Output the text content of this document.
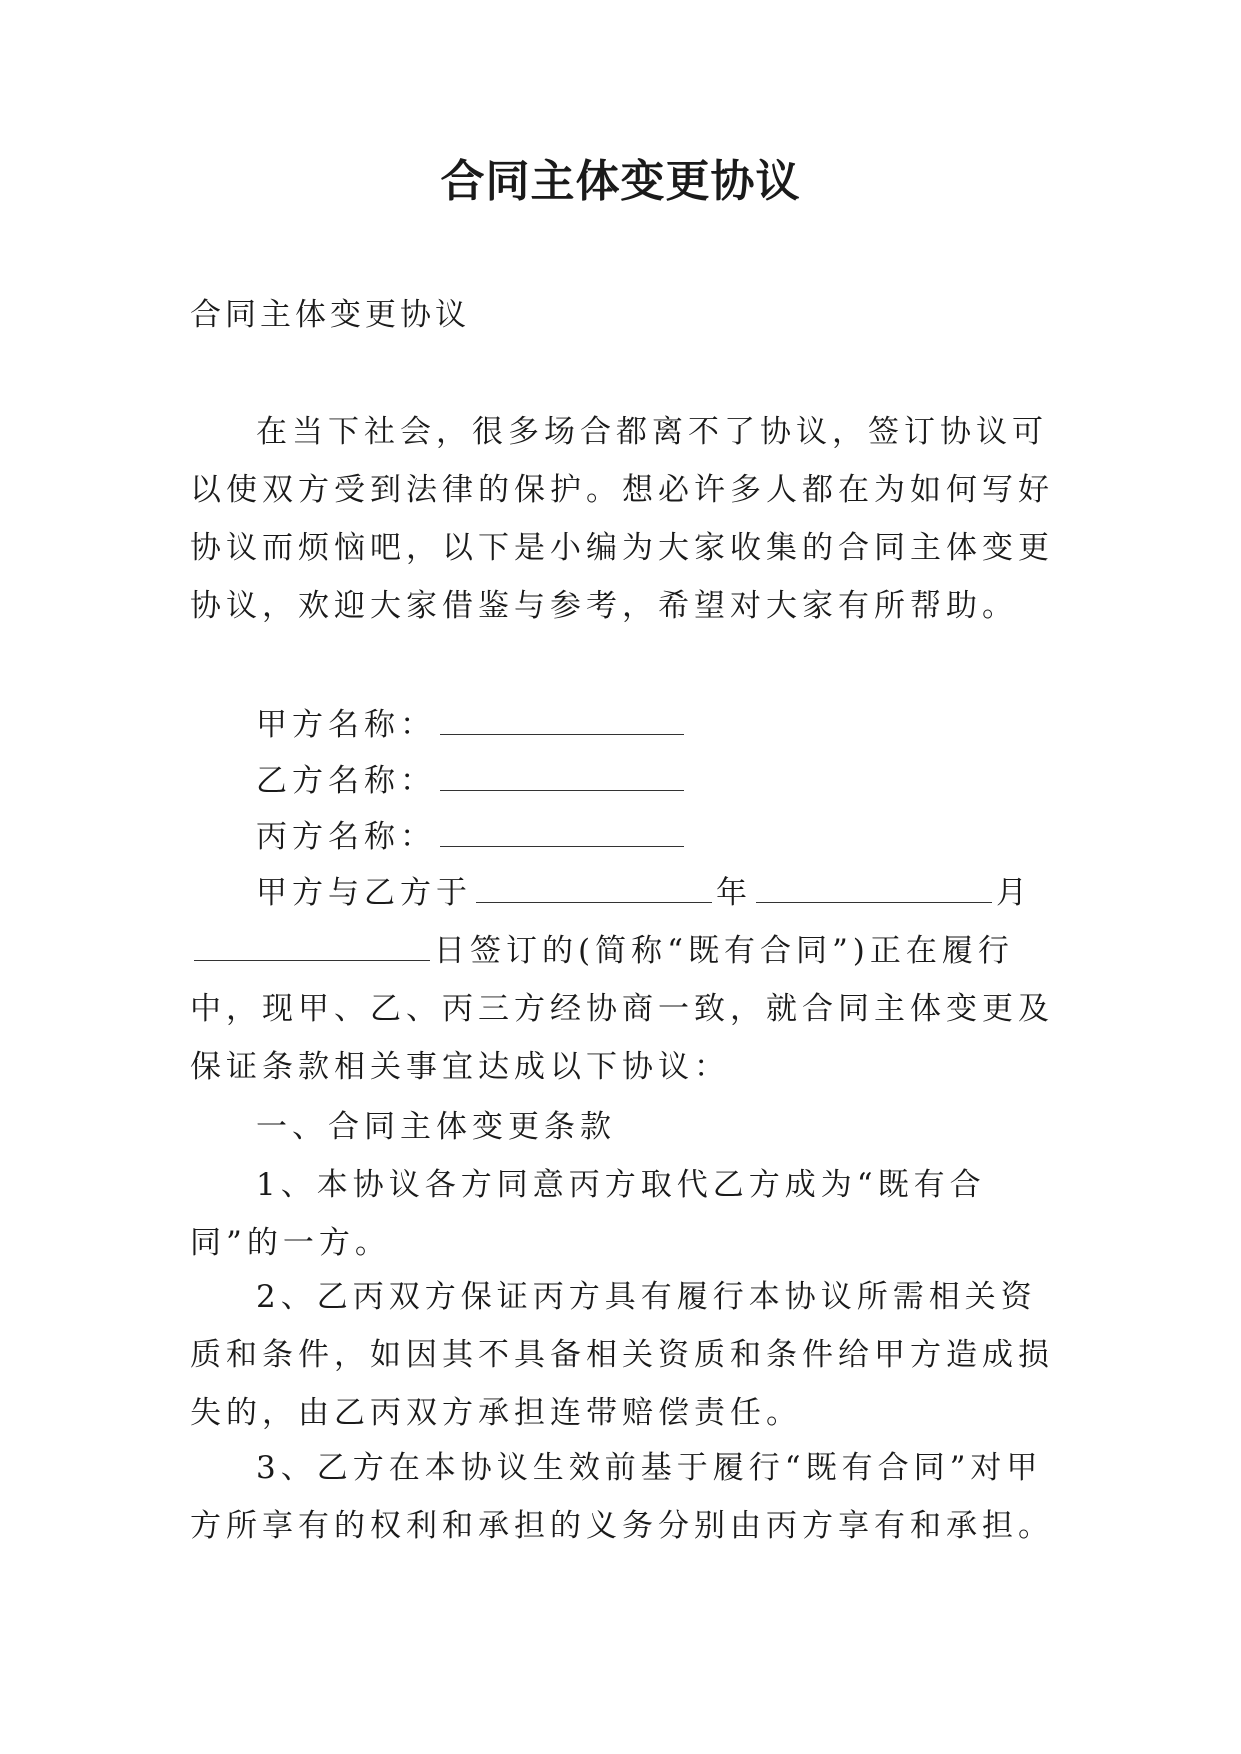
合同主体变更协议

合同主体变更协议

在当下社会，很多场合都离不了协议，签订协议可以使双方受到法律的保护。想必许多人都在为如何写好协议而烦恼吧，以下是小编为大家收集的合同主体变更协议，欢迎大家借鉴与参考，希望对大家有所帮助。

甲方名称：

乙方名称：

丙方名称：

甲方与乙方于	年	月日签订的(简称“既有合同”)正在履行中，现甲、乙、丙三方经协商一致，就合同主体变更及保证条款相关事宜达成以下协议：

一、合同主体变更条款

1、本协议各方同意丙方取代乙方成为“既有合同”的一方。

2、乙丙双方保证丙方具有履行本协议所需相关资质和条件，如因其不具备相关资质和条件给甲方造成损失的，由乙丙双方承担连带赔偿责任。

3、乙方在本协议生效前基于履行“既有合同”对甲方所享有的权利和承担的义务分别由丙方享有和承担。
